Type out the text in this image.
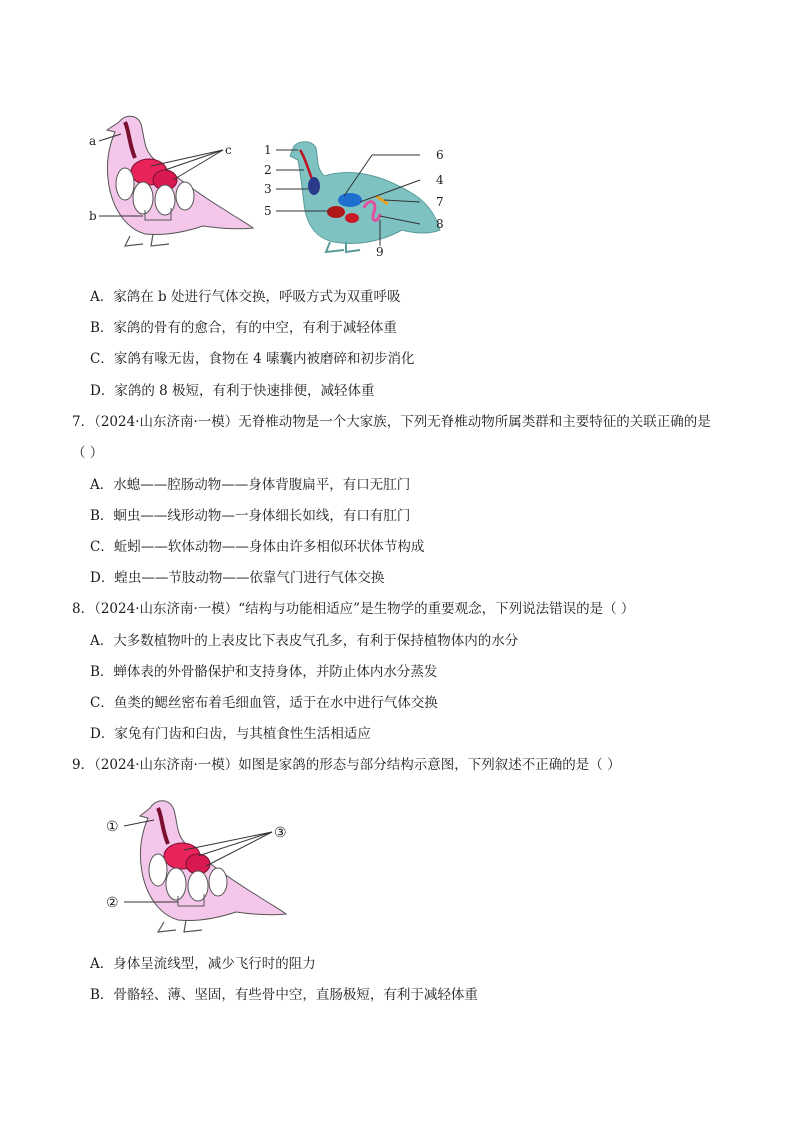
a
b
c	1
2
3
5
6
4
7
8
9
A．家鸽在 b 处进行气体交换，呼吸方式为双重呼吸
B．家鸽的骨有的愈合，有的中空，有利于减轻体重
C．家鸽有喙无齿，食物在 4 嗉囊内被磨碎和初步消化
D．家鸽的 8 极短，有利于快速排便，减轻体重
7．（2024·山东济南·一模）无脊椎动物是一个大家族，下列无脊椎动物所属类群和主要特征的关联正确的是
（ ）
A．水螅——腔肠动物——身体背腹扁平，有口无肛门
B．蛔虫——线形动物—一身体细长如线，有口有肛门
C．蚯蚓——软体动物——身体由许多相似环状体节构成
D．蝗虫——节肢动物——依靠气门进行气体交换
8．（2024·山东济南·一模）“结构与功能相适应”是生物学的重要观念，下列说法错误的是（ ）
A．大多数植物叶的上表皮比下表皮气孔多，有利于保持植物体内的水分
B．蝉体表的外骨骼保护和支持身体，并防止体内水分蒸发
C．鱼类的鳃丝密布着毛细血管，适于在水中进行气体交换
D．家兔有门齿和臼齿，与其植食性生活相适应
9．（2024·山东济南·一模）如图是家鸽的形态与部分结构示意图，下列叙述不正确的是（ ）
①
②
③
A．身体呈流线型，减少飞行时的阻力
B．骨骼轻、薄、坚固，有些骨中空，直肠极短，有利于减轻体重
